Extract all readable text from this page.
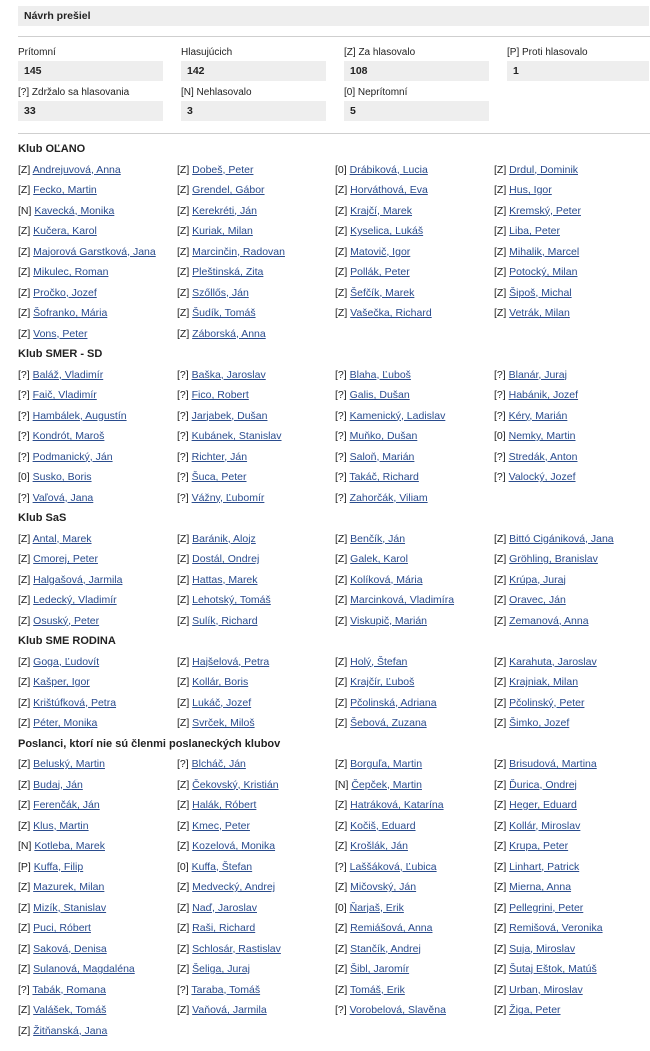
Návrh prešiel
Prítomní
145
Hlasujúcich
142
[Z] Za hlasovalo
108
[P] Proti hlasovalo
1
[?] Zdržalo sa hlasovania
33
[N] Nehlasovalo
3
[0] Neprítomní
5
Klub OĽANO
[Z] Andrejuvová, Anna	[Z] Dobeš, Peter	[0] Drábiková, Lucia	[Z] Drdul, Dominik
[Z] Fecko, Martin	[Z] Grendel, Gábor	[Z] Horváthová, Eva	[Z] Hus, Igor
[N] Kavecká, Monika	[Z] Kerekréti, Ján	[Z] Krajčí, Marek	[Z] Kremský, Peter
[Z] Kučera, Karol	[Z] Kuriak, Milan	[Z] Kyselica, Lukáš	[Z] Liba, Peter
[Z] Majorová Garstková, Jana	[Z] Marcinčin, Radovan	[Z] Matovič, Igor	[Z] Mihalik, Marcel
[Z] Mikulec, Roman	[Z] Pleštinská, Zita	[Z] Pollák, Peter	[Z] Potocký, Milan
[Z] Pročko, Jozef	[Z] Szőllős, Ján	[Z] Šefčík, Marek	[Z] Šipoš, Michal
[Z] Šofranko, Mária	[Z] Šudík, Tomáš	[Z] Vašečka, Richard	[Z] Vetrák, Milan
[Z] Vons, Peter	[Z] Záborská, Anna
Klub SMER - SD
[?] Baláž, Vladimír	[?] Baška, Jaroslav	[?] Blaha, Ľuboš	[?] Blanár, Juraj
[?] Faič, Vladimír	[?] Fico, Robert	[?] Galis, Dušan	[?] Habánik, Jozef
[?] Hambálek, Augustín	[?] Jarjabek, Dušan	[?] Kamenický, Ladislav	[?] Kéry, Marián
[?] Kondrót, Maroš	[?] Kubánek, Stanislav	[?] Muňko, Dušan	[0] Nemky, Martin
[?] Podmanický, Ján	[?] Richter, Ján	[?] Saloň, Marián	[?] Stredák, Anton
[0] Susko, Boris	[?] Šuca, Peter	[?] Takáč, Richard	[?] Valocký, Jozef
[?] Vaľová, Jana	[?] Vážny, Ľubomír	[?] Zahorčák, Viliam
Klub SaS
[Z] Antal, Marek	[Z] Baránik, Alojz	[Z] Benčík, Ján	[Z] Bittó Cigániková, Jana
[Z] Cmorej, Peter	[Z] Dostál, Ondrej	[Z] Galek, Karol	[Z] Gröhling, Branislav
[Z] Halgašová, Jarmila	[Z] Hattas, Marek	[Z] Kolíková, Mária	[Z] Krúpa, Juraj
[Z] Ledecký, Vladimír	[Z] Lehotský, Tomáš	[Z] Marcinková, Vladimíra	[Z] Oravec, Ján
[Z] Osuský, Peter	[Z] Sulík, Richard	[Z] Viskupič, Marián	[Z] Zemanová, Anna
Klub SME RODINA
[Z] Goga, Ľudovít	[Z] Hajšelová, Petra	[Z] Holý, Štefan	[Z] Karahuta, Jaroslav
[Z] Kašper, Igor	[Z] Kollár, Boris	[Z] Krajčír, Ľuboš	[Z] Krajniak, Milan
[Z] Krištúfková, Petra	[Z] Lukáč, Jozef	[Z] Pčolinská, Adriana	[Z] Pčolinský, Peter
[Z] Péter, Monika	[Z] Svrček, Miloš	[Z] Šebová, Zuzana	[Z] Šimko, Jozef
Poslanci, ktorí nie sú členmi poslaneckých klubov
[Z] Beluský, Martin	[?] Blcháč, Ján	[Z] Borguľa, Martin	[Z] Brisudová, Martina
[Z] Budaj, Ján	[Z] Čekovský, Kristián	[N] Čepček, Martin	[Z] Ďurica, Ondrej
[Z] Ferenčák, Ján	[Z] Halák, Róbert	[Z] Hatráková, Katarína	[Z] Heger, Eduard
[Z] Klus, Martin	[Z] Kmec, Peter	[Z] Kočiš, Eduard	[Z] Kollár, Miroslav
[N] Kotleba, Marek	[Z] Kozelová, Monika	[Z] Krošlák, Ján	[Z] Krupa, Peter
[P] Kuffa, Filip	[0] Kuffa, Štefan	[?] Laššáková, Ľubica	[Z] Linhart, Patrick
[Z] Mazurek, Milan	[Z] Medvecký, Andrej	[Z] Mičovský, Ján	[Z] Mierna, Anna
[Z] Mizík, Stanislav	[Z] Naď, Jaroslav	[0] Ňarjaš, Erik	[Z] Pellegrini, Peter
[Z] Puci, Róbert	[Z] Raši, Richard	[Z] Remiášová, Anna	[Z] Remišová, Veronika
[Z] Saková, Denisa	[Z] Schlosár, Rastislav	[Z] Stančík, Andrej	[Z] Suja, Miroslav
[Z] Sulanová, Magdaléna	[Z] Šeliga, Juraj	[Z] Šibl, Jaromír	[Z] Šutaj Eštok, Matúš
[?] Tabák, Romana	[?] Taraba, Tomáš	[Z] Tomáš, Erik	[Z] Urban, Miroslav
[Z] Valášek, Tomáš	[Z] Vaňová, Jarmila	[?] Vorobelová, Slavěna	[Z] Žiga, Peter
[Z] Žitňanská, Jana
